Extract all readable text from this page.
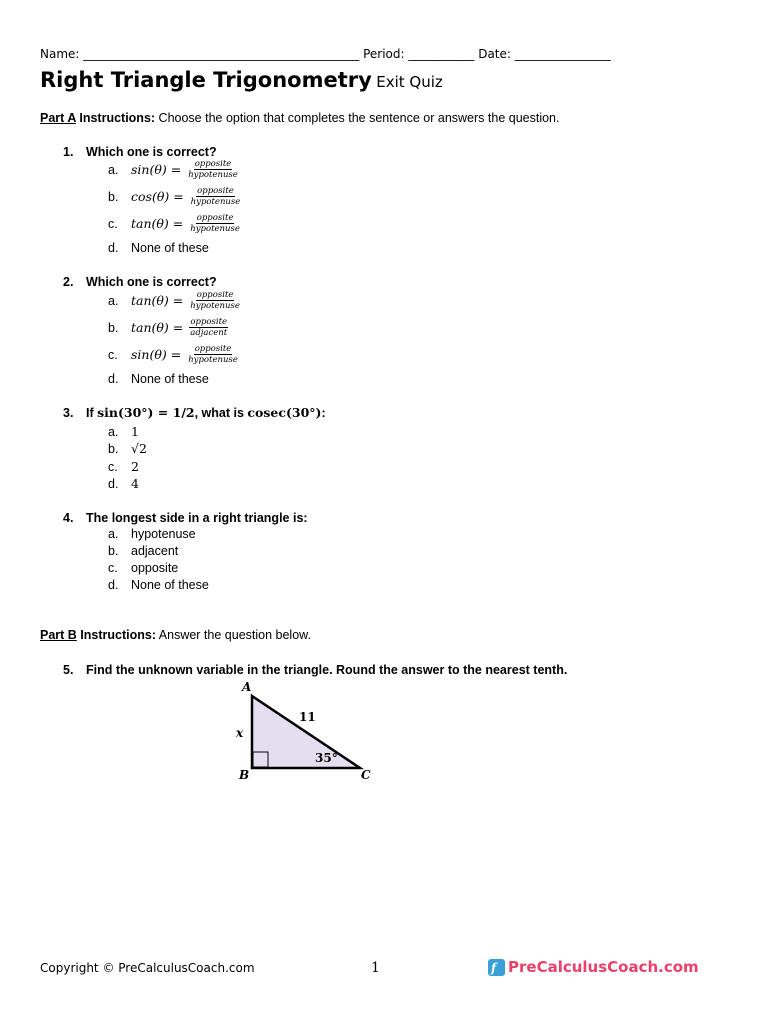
Name: ______________________________________________ Period: ___________ Date: ________________
Right Triangle Trigonometry Exit Quiz
Part A Instructions: Choose the option that completes the sentence or answers the question.
1. Which one is correct?
a.	$\sin(\theta) = \frac{\text{opposite}}{\text{hypotenuse}}$
b.	$\cos(\theta) = \frac{\text{opposite}}{\text{hypotenuse}}$
c.	$\tan(\theta) = \frac{\text{opposite}}{\text{hypotenuse}}$
d.	None of these
2. Which one is correct?
a.	$\tan(\theta) = \frac{\text{opposite}}{\text{hypotenuse}}$
b.	$\tan(\theta) = \frac{\text{opposite}}{\text{adjacent}}$
c.	$\sin(\theta) = \frac{\text{opposite}}{\text{hypotenuse}}$
d.	None of these
3. If sin(30°) = 1/2, what is cosec(30°):
a.	1
b.	√2
c.	2
d.	4
4. The longest side in a right triangle is:
a.	hypotenuse
b.	adjacent
c.	opposite
d.	None of these
Part B Instructions: Answer the question below.
5. Find the unknown variable in the triangle. Round the answer to the nearest tenth.
A
B	C
x
11
35°
Copyright © PreCalculusCoach.com	1	f PreCalculusCoach.com
